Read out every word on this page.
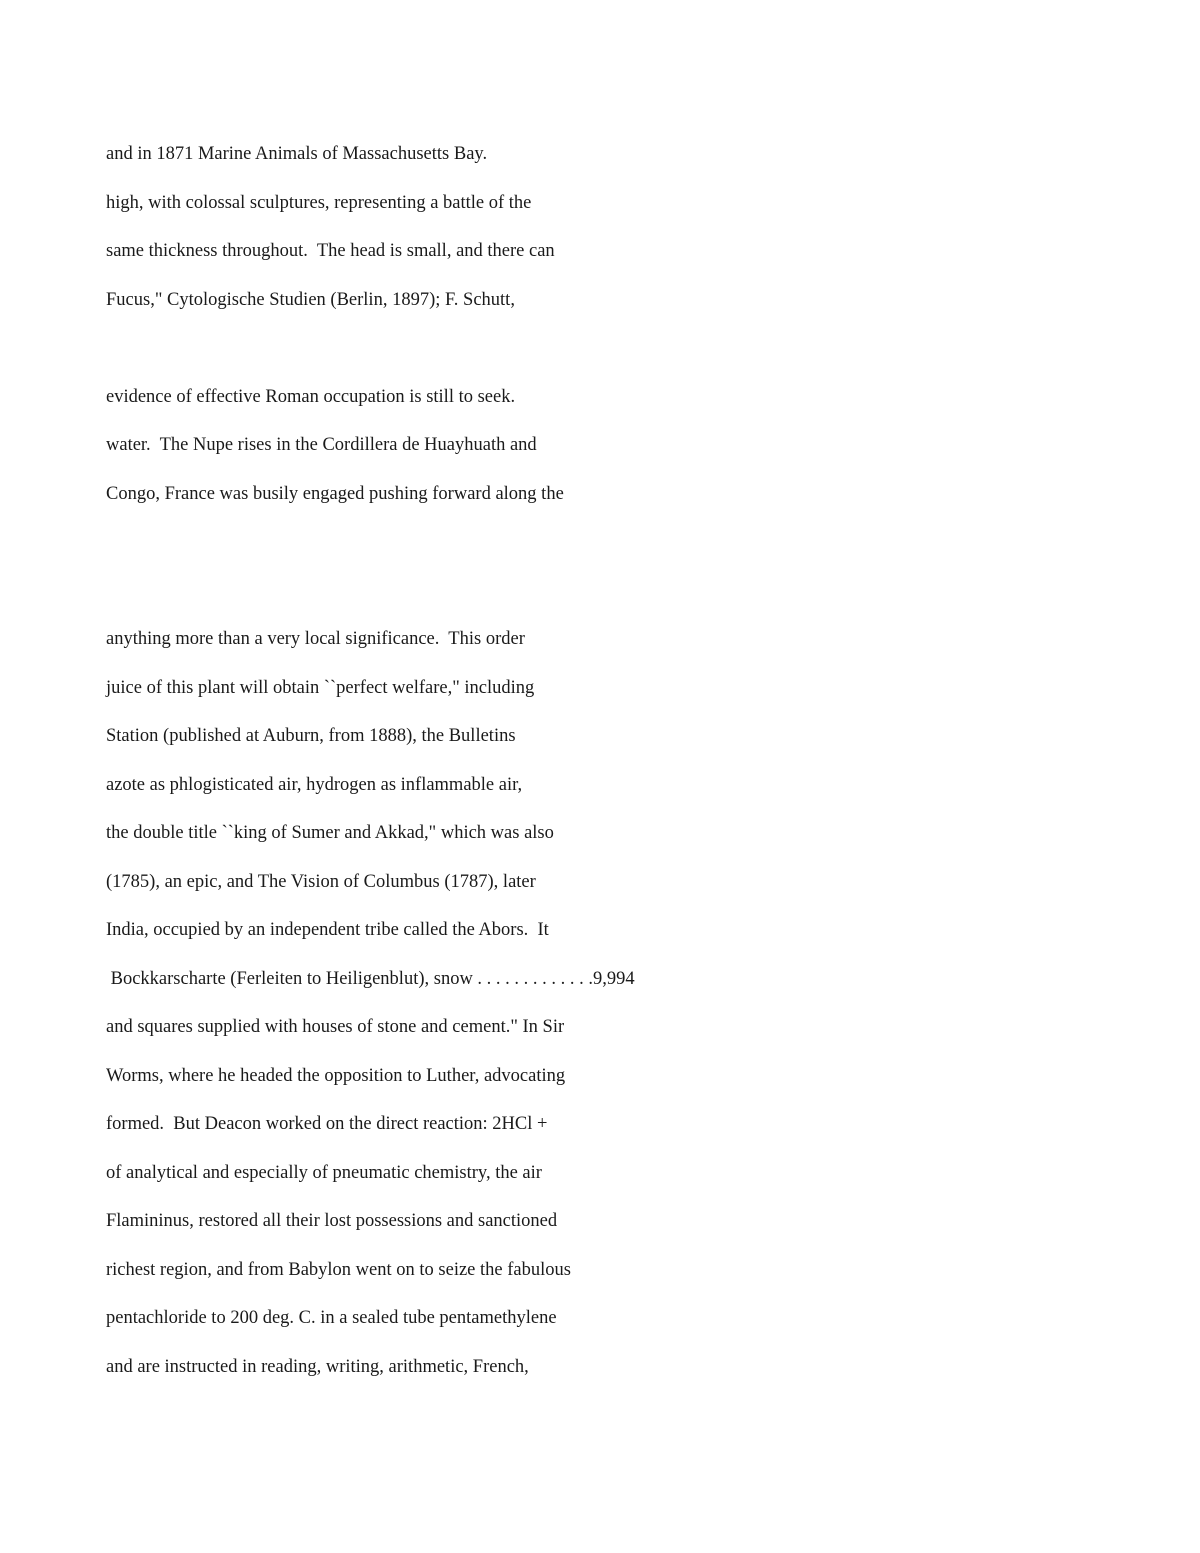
and in 1871 Marine Animals of Massachusetts Bay.
high, with colossal sculptures, representing a battle of the
same thickness throughout.  The head is small, and there can
Fucus," Cytologische Studien (Berlin, 1897); F. Schutt,
evidence of effective Roman occupation is still to seek.
water.  The Nupe rises in the Cordillera de Huayhuath and
Congo, France was busily engaged pushing forward along the
anything more than a very local significance.  This order
juice of this plant will obtain ``perfect welfare," including
Station (published at Auburn, from 1888), the Bulletins
azote as phlogisticated air, hydrogen as inflammable air,
the double title ``king of Sumer and Akkad," which was also
(1785), an epic, and The Vision of Columbus (1787), later
India, occupied by an independent tribe called the Abors.  It
Bockkarscharte (Ferleiten to Heiligenblut), snow . . . . . . . . . . . . .9,994
and squares supplied with houses of stone and cement." In Sir
Worms, where he headed the opposition to Luther, advocating
formed.  But Deacon worked on the direct reaction: 2HCl +
of analytical and especially of pneumatic chemistry, the air
Flamininus, restored all their lost possessions and sanctioned
richest region, and from Babylon went on to seize the fabulous
pentachloride to 200 deg. C. in a sealed tube pentamethylene
and are instructed in reading, writing, arithmetic, French,
